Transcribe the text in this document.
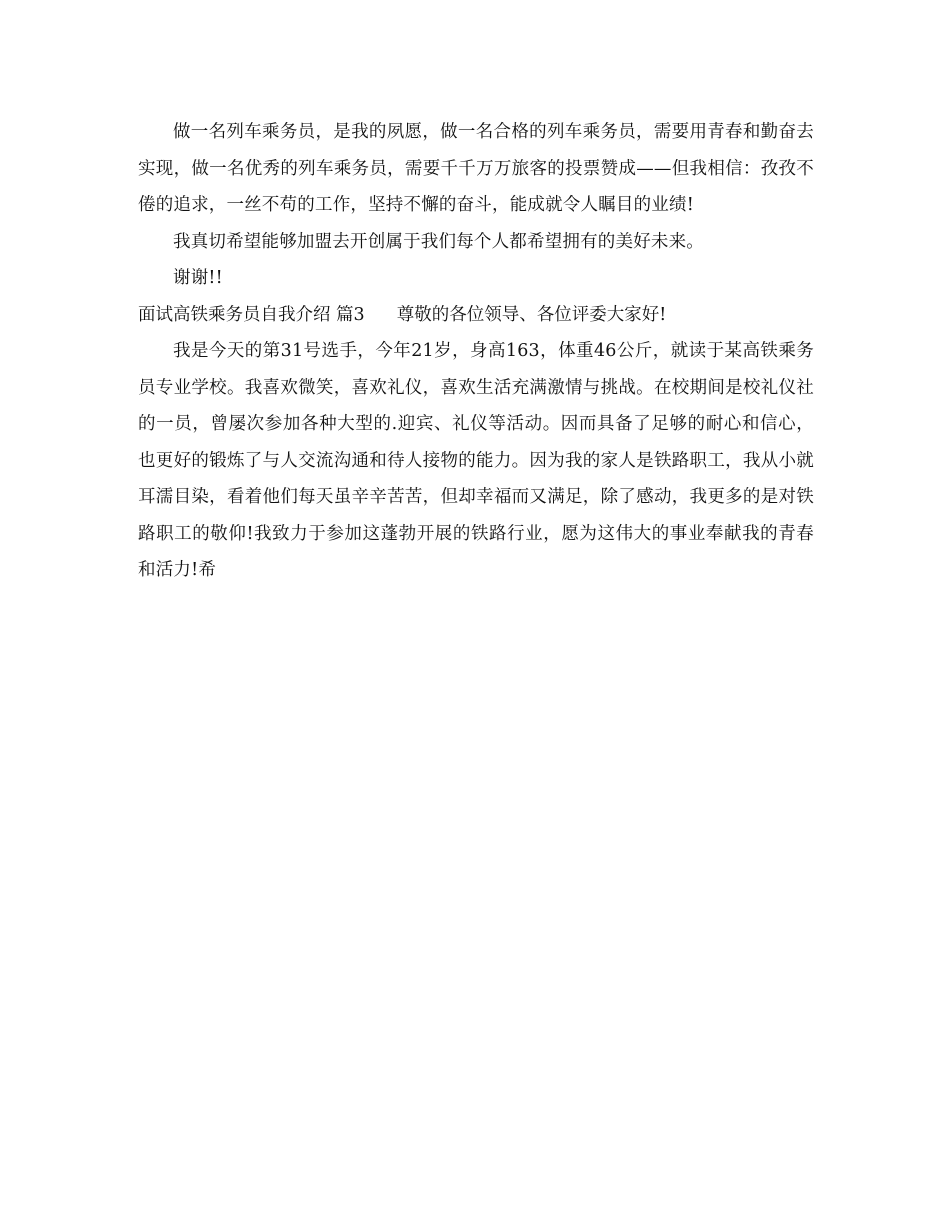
做一名列车乘务员，是我的夙愿，做一名合格的列车乘务员，需要用青春和勤奋去实现，做一名优秀的列车乘务员，需要千千万万旅客的投票赞成——但我相信：孜孜不倦的追求，一丝不苟的工作，坚持不懈的奋斗，能成就令人瞩目的业绩!

我真切希望能够加盟去开创属于我们每个人都希望拥有的美好未来。

谢谢!!

面试高铁乘务员自我介绍 篇3 尊敬的各位领导、各位评委大家好!

我是今天的第31号选手，今年21岁，身高163，体重46公斤，就读于某高铁乘务员专业学校。我喜欢微笑，喜欢礼仪，喜欢生活充满激情与挑战。在校期间是校礼仪社的一员，曾屡次参加各种大型的.迎宾、礼仪等活动。因而具备了足够的耐心和信心，也更好的锻炼了与人交流沟通和待人接物的能力。因为我的家人是铁路职工，我从小就耳濡目染，看着他们每天虽辛辛苦苦，但却幸福而又满足，除了感动，我更多的是对铁路职工的敬仰!我致力于参加这蓬勃开展的铁路行业，愿为这伟大的事业奉献我的青春和活力!希
